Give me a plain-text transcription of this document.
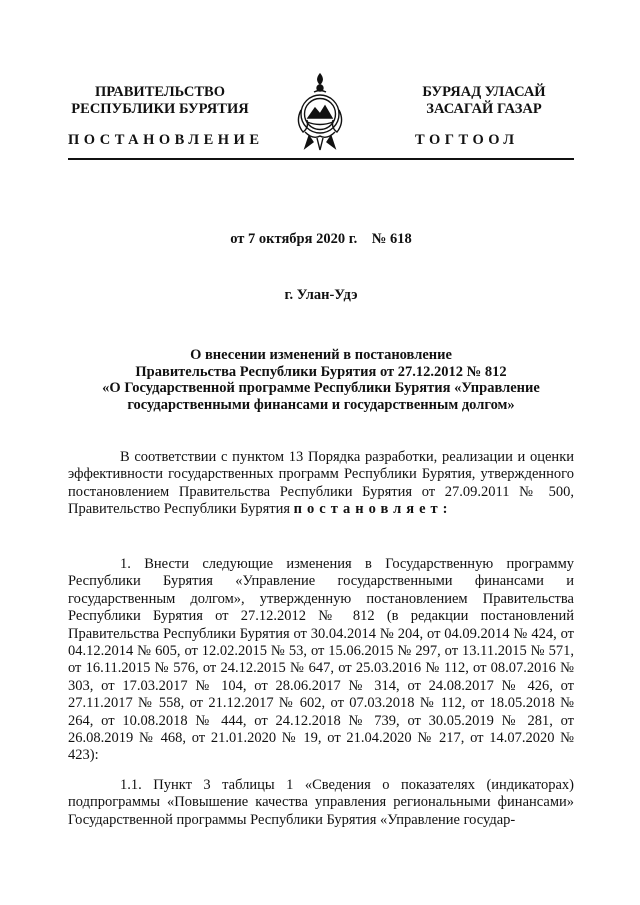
ПРАВИТЕЛЬСТВО
РЕСПУБЛИКИ БУРЯТИЯ
БУРЯАД УЛАСАЙ
ЗАСАГАЙ ГАЗАР
ПОСТАНОВЛЕНИЕ	ТОГТООЛ
от 7 октября 2020 г.    № 618
г. Улан-Удэ
О внесении изменений в постановление
Правительства Республики Бурятия от 27.12.2012 № 812
«О Государственной программе Республики Бурятия «Управление
государственными финансами и государственным долгом»
В соответствии с пунктом 13 Порядка разработки, реализации и оценки эффективности государственных программ Республики Бурятия, утвержденного постановлением Правительства Республики Бурятия от 27.09.2011 № 500, Правительство Республики Бурятия постановляет:
1. Внести следующие изменения в Государственную программу Республики Бурятия «Управление государственными финансами и государственным долгом», утвержденную постановлением Правительства Республики Бурятия от 27.12.2012 № 812 (в редакции постановлений Правительства Республики Бурятия от 30.04.2014 № 204, от 04.09.2014 № 424, от 04.12.2014 № 605, от 12.02.2015 № 53, от 15.06.2015 № 297, от 13.11.2015 № 571, от 16.11.2015 № 576, от 24.12.2015 № 647, от 25.03.2016 № 112, от 08.07.2016 № 303, от 17.03.2017 № 104, от 28.06.2017 № 314, от 24.08.2017 № 426, от 27.11.2017 № 558, от 21.12.2017 № 602, от 07.03.2018 № 112, от 18.05.2018 № 264, от 10.08.2018 № 444, от 24.12.2018 № 739, от 30.05.2019 № 281, от 26.08.2019 № 468, от 21.01.2020 № 19, от 21.04.2020 № 217, от 14.07.2020 № 423):
1.1. Пункт 3 таблицы 1 «Сведения о показателях (индикаторах) подпрограммы «Повышение качества управления региональными финансами» Государственной программы Республики Бурятия «Управление государ-
